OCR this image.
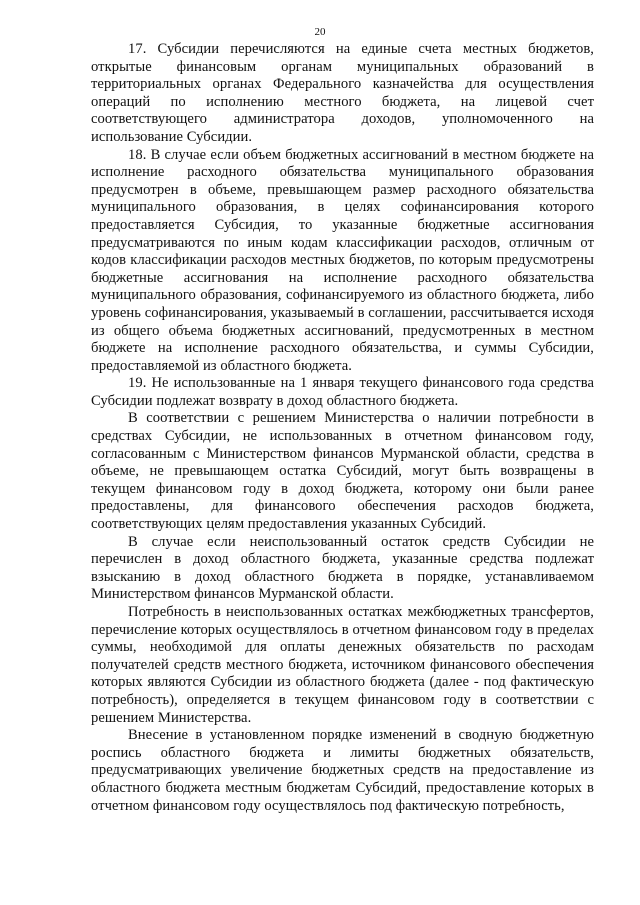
20

17. Субсидии перечисляются на единые счета местных бюджетов, открытые финансовым органам муниципальных образований в территориальных органах Федерального казначейства для осуществления операций по исполнению местного бюджета, на лицевой счет соответствующего администратора доходов, уполномоченного на использование Субсидии.

18. В случае если объем бюджетных ассигнований в местном бюджете на исполнение расходного обязательства муниципального образования предусмотрен в объеме, превышающем размер расходного обязательства муниципального образования, в целях софинансирования которого предоставляется Субсидия, то указанные бюджетные ассигнования предусматриваются по иным кодам классификации расходов, отличным от кодов классификации расходов местных бюджетов, по которым предусмотрены бюджетные ассигнования на исполнение расходного обязательства муниципального образования, софинансируемого из областного бюджета, либо уровень софинансирования, указываемый в соглашении, рассчитывается исходя из общего объема бюджетных ассигнований, предусмотренных в местном бюджете на исполнение расходного обязательства, и суммы Субсидии, предоставляемой из областного бюджета.

19. Не использованные на 1 января текущего финансового года средства Субсидии подлежат возврату в доход областного бюджета.

В соответствии с решением Министерства о наличии потребности в средствах Субсидии, не использованных в отчетном финансовом году, согласованным с Министерством финансов Мурманской области, средства в объеме, не превышающем остатка Субсидий, могут быть возвращены в текущем финансовом году в доход бюджета, которому они были ранее предоставлены, для финансового обеспечения расходов бюджета, соответствующих целям предоставления указанных Субсидий.

В случае если неиспользованный остаток средств Субсидии не перечислен в доход областного бюджета, указанные средства подлежат взысканию в доход областного бюджета в порядке, устанавливаемом Министерством финансов Мурманской области.

Потребность в неиспользованных остатках межбюджетных трансфертов, перечисление которых осуществлялось в отчетном финансовом году в пределах суммы, необходимой для оплаты денежных обязательств по расходам получателей средств местного бюджета, источником финансового обеспечения которых являются Субсидии из областного бюджета (далее - под фактическую потребность), определяется в текущем финансовом году в соответствии с решением Министерства.

Внесение в установленном порядке изменений в сводную бюджетную роспись областного бюджета и лимиты бюджетных обязательств, предусматривающих увеличение бюджетных средств на предоставление из областного бюджета местным бюджетам Субсидий, предоставление которых в отчетном финансовом году осуществлялось под фактическую потребность,
